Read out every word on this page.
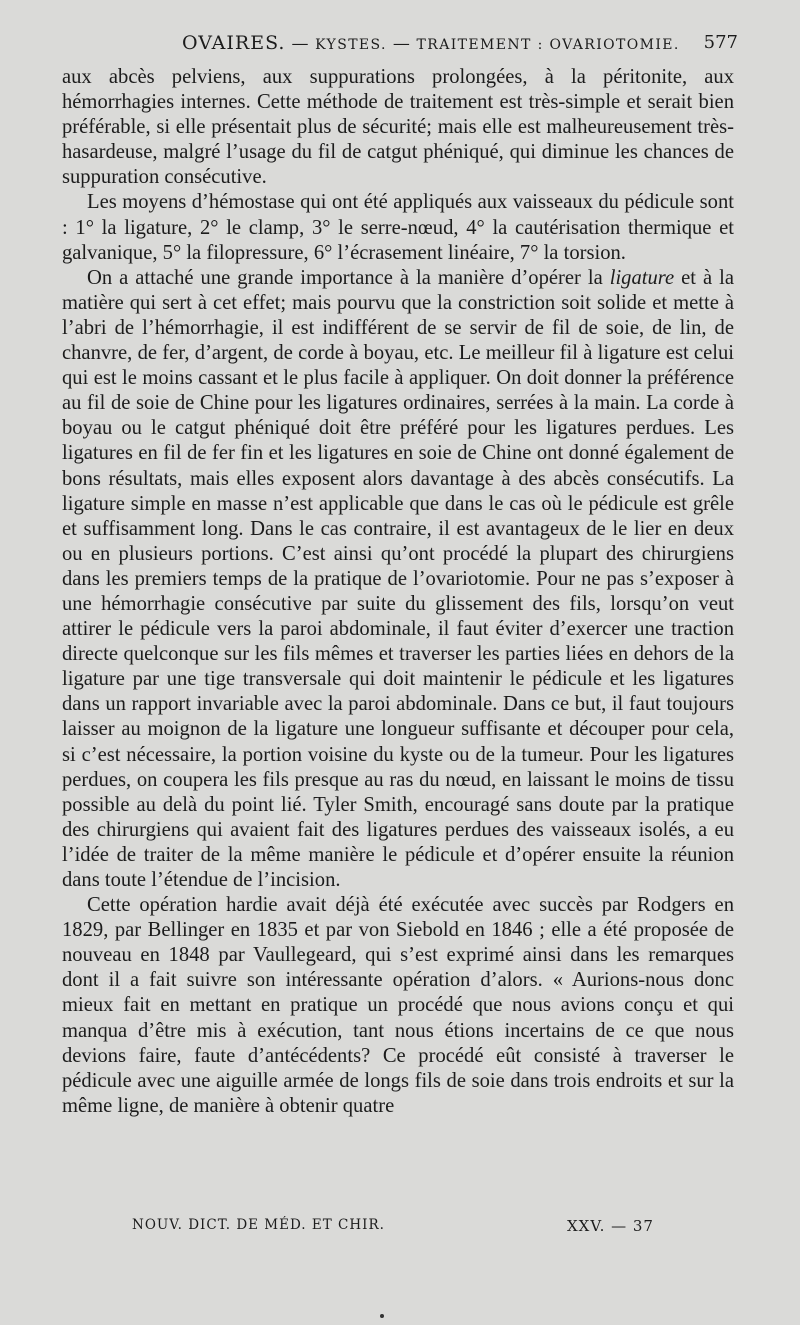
OVAIRES. — KYSTES. — TRAITEMENT : OVARIOTOMIE. 577

aux abcès pelviens, aux suppurations prolongées, à la péritonite, aux hémorrhagies internes. Cette méthode de traitement est très-simple et serait bien préférable, si elle présentait plus de sécurité; mais elle est malheureusement très-hasardeuse, malgré l’usage du fil de catgut phéniqué, qui diminue les chances de suppuration consécutive.

Les moyens d’hémostase qui ont été appliqués aux vaisseaux du pédicule sont : 1° la ligature, 2° le clamp, 3° le serre-nœud, 4° la cautérisation thermique et galvanique, 5° la filopressure, 6° l’écrasement linéaire, 7° la torsion.

On a attaché une grande importance à la manière d’opérer la ligature et à la matière qui sert à cet effet; mais pourvu que la constriction soit solide et mette à l’abri de l’hémorrhagie, il est indifférent de se servir de fil de soie, de lin, de chanvre, de fer, d’argent, de corde à boyau, etc. Le meilleur fil à ligature est celui qui est le moins cassant et le plus facile à appliquer. On doit donner la préférence au fil de soie de Chine pour les ligatures ordinaires, serrées à la main. La corde à boyau ou le catgut phéniqué doit être préféré pour les ligatures perdues. Les ligatures en fil de fer fin et les ligatures en soie de Chine ont donné également de bons résultats, mais elles exposent alors davantage à des abcès consécutifs. La ligature simple en masse n’est applicable que dans le cas où le pédicule est grêle et suffisamment long. Dans le cas contraire, il est avantageux de le lier en deux ou en plusieurs portions. C’est ainsi qu’ont procédé la plupart des chirurgiens dans les premiers temps de la pratique de l’ovariotomie. Pour ne pas s’exposer à une hémorrhagie consécutive par suite du glissement des fils, lorsqu’on veut attirer le pédicule vers la paroi abdominale, il faut éviter d’exercer une traction directe quelconque sur les fils mêmes et traverser les parties liées en dehors de la ligature par une tige transversale qui doit maintenir le pédicule et les ligatures dans un rapport invariable avec la paroi abdominale. Dans ce but, il faut toujours laisser au moignon de la ligature une longueur suffisante et découper pour cela, si c’est nécessaire, la portion voisine du kyste ou de la tumeur. Pour les ligatures perdues, on coupera les fils presque au ras du nœud, en laissant le moins de tissu possible au delà du point lié. Tyler Smith, encouragé sans doute par la pratique des chirurgiens qui avaient fait des ligatures perdues des vaisseaux isolés, a eu l’idée de traiter de la même manière le pédicule et d’opérer ensuite la réunion dans toute l’étendue de l’incision.

Cette opération hardie avait déjà été exécutée avec succès par Rodgers en 1829, par Bellinger en 1835 et par von Siebold en 1846 ; elle a été proposée de nouveau en 1848 par Vaullegeard, qui s’est exprimé ainsi dans les remarques dont il a fait suivre son intéressante opération d’alors. « Aurions-nous donc mieux fait en mettant en pratique un procédé que nous avions conçu et qui manqua d’être mis à exécution, tant nous étions incertains de ce que nous devions faire, faute d’antécédents? Ce procédé eût consisté à traverser le pédicule avec une aiguille armée de longs fils de soie dans trois endroits et sur la même ligne, de manière à obtenir quatre

NOUV. DICT. DE MÉD. ET CHIR.	XXV. — 37
